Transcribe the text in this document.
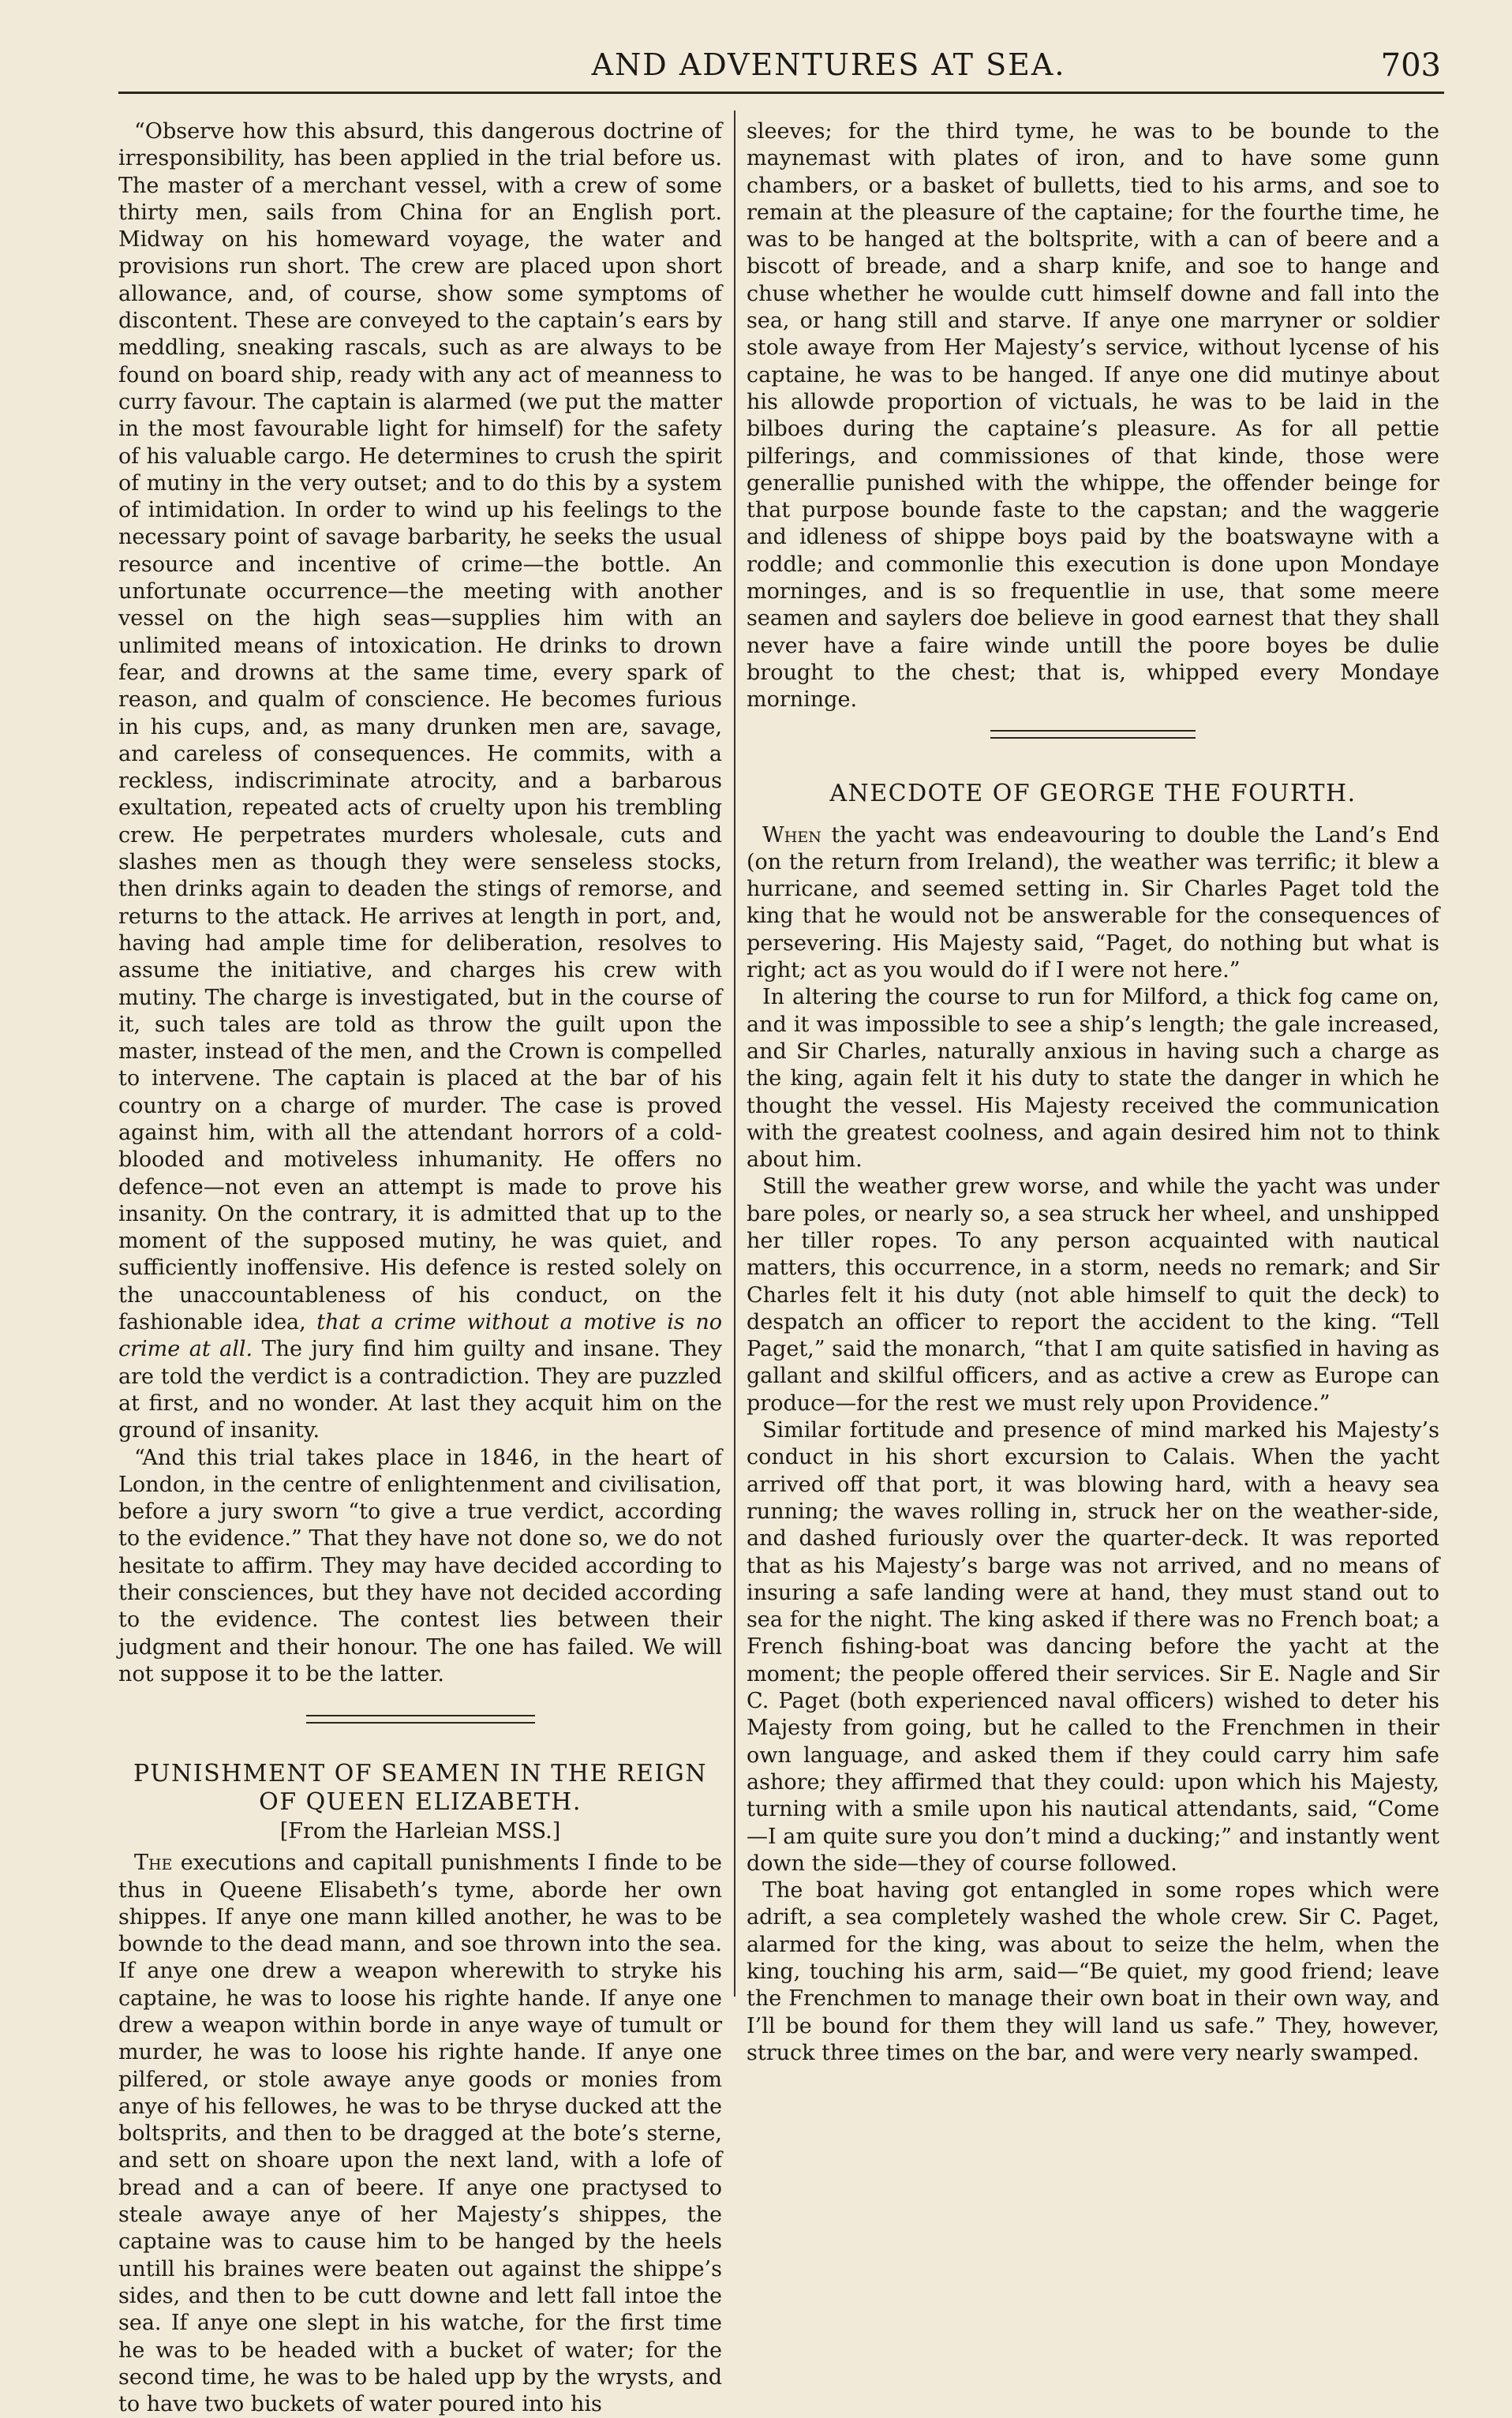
AND ADVENTURES AT SEA.	703

“Observe how this absurd, this dangerous doctrine of irresponsibility, has been applied in the trial before us. The master of a merchant vessel, with a crew of some thirty men, sails from China for an English port. Midway on his homeward voyage, the water and provisions run short. The crew are placed upon short allowance, and, of course, show some symptoms of discontent. These are conveyed to the captain’s ears by meddling, sneaking rascals, such as are always to be found on board ship, ready with any act of meanness to curry favour. The captain is alarmed (we put the matter in the most favourable light for himself) for the safety of his valuable cargo. He determines to crush the spirit of mutiny in the very outset; and to do this by a system of intimidation. In order to wind up his feelings to the necessary point of savage barbarity, he seeks the usual resource and incentive of crime—the bottle. An unfortunate occurrence—the meeting with another vessel on the high seas—supplies him with an unlimited means of intoxication. He drinks to drown fear, and drowns at the same time, every spark of reason, and qualm of conscience. He becomes furious in his cups, and, as many drunken men are, savage, and careless of consequences. He commits, with a reckless, indiscriminate atrocity, and a barbarous exultation, repeated acts of cruelty upon his trembling crew. He perpetrates murders wholesale, cuts and slashes men as though they were senseless stocks, then drinks again to deaden the stings of remorse, and returns to the attack. He arrives at length in port, and, having had ample time for deliberation, resolves to assume the initiative, and charges his crew with mutiny. The charge is investigated, but in the course of it, such tales are told as throw the guilt upon the master, instead of the men, and the Crown is compelled to intervene. The captain is placed at the bar of his country on a charge of murder. The case is proved against him, with all the attendant horrors of a cold-blooded and motiveless inhumanity. He offers no defence—not even an attempt is made to prove his insanity. On the contrary, it is admitted that up to the moment of the supposed mutiny, he was quiet, and sufficiently inoffensive. His defence is rested solely on the unaccountableness of his conduct, on the fashionable idea, that a crime without a motive is no crime at all. The jury find him guilty and insane. They are told the verdict is a contradiction. They are puzzled at first, and no wonder. At last they acquit him on the ground of insanity.

“And this trial takes place in 1846, in the heart of London, in the centre of enlightenment and civilisation, before a jury sworn “to give a true verdict, according to the evidence.” That they have not done so, we do not hesitate to affirm. They may have decided according to their consciences, but they have not decided according to the evidence. The contest lies between their judgment and their honour. The one has failed. We will not suppose it to be the latter.

PUNISHMENT OF SEAMEN IN THE REIGN OF QUEEN ELIZABETH.
[From the Harleian MSS.]

The executions and capitall punishments I finde to be thus in Queene Elisabeth’s tyme, aborde her own shippes. If anye one mann killed another, he was to be bownde to the dead mann, and soe thrown into the sea. If anye one drew a weapon wherewith to stryke his captaine, he was to loose his righte hande. If anye one drew a weapon within borde in anye waye of tumult or murder, he was to loose his righte hande. If anye one pilfered, or stole awaye anye goods or monies from anye of his fellowes, he was to be thryse ducked att the boltsprits, and then to be dragged at the bote’s sterne, and sett on shoare upon the next land, with a lofe of bread and a can of beere. If anye one practysed to steale awaye anye of her Majesty’s shippes, the captaine was to cause him to be hanged by the heels untill his braines were beaten out against the shippe’s sides, and then to be cutt downe and lett fall intoe the sea. If anye one slept in his watche, for the first time he was to be headed with a bucket of water; for the second time, he was to be haled upp by the wrysts, and to have two buckets of water poured into his

sleeves; for the third tyme, he was to be bounde to the maynemast with plates of iron, and to have some gunn chambers, or a basket of bulletts, tied to his arms, and soe to remain at the pleasure of the captaine; for the fourthe time, he was to be hanged at the boltsprite, with a can of beere and a biscott of breade, and a sharp knife, and soe to hange and chuse whether he woulde cutt himself downe and fall into the sea, or hang still and starve. If anye one marryner or soldier stole awaye from Her Majesty’s service, without lycense of his captaine, he was to be hanged. If anye one did mutinye about his allowde proportion of victuals, he was to be laid in the bilboes during the captaine’s pleasure. As for all pettie pilferings, and commissiones of that kinde, those were generallie punished with the whippe, the offender beinge for that purpose bounde faste to the capstan; and the waggerie and idleness of shippe boys paid by the boatswayne with a roddle; and commonlie this execution is done upon Mondaye morninges, and is so frequentlie in use, that some meere seamen and saylers doe believe in good earnest that they shall never have a faire winde untill the poore boyes be dulie brought to the chest; that is, whipped every Mondaye morninge.

ANECDOTE OF GEORGE THE FOURTH.

When the yacht was endeavouring to double the Land’s End (on the return from Ireland), the weather was terrific; it blew a hurricane, and seemed setting in. Sir Charles Paget told the king that he would not be answerable for the consequences of persevering. His Majesty said, “Paget, do nothing but what is right; act as you would do if I were not here.”

In altering the course to run for Milford, a thick fog came on, and it was impossible to see a ship’s length; the gale increased, and Sir Charles, naturally anxious in having such a charge as the king, again felt it his duty to state the danger in which he thought the vessel. His Majesty received the communication with the greatest coolness, and again desired him not to think about him.

Still the weather grew worse, and while the yacht was under bare poles, or nearly so, a sea struck her wheel, and unshipped her tiller ropes. To any person acquainted with nautical matters, this occurrence, in a storm, needs no remark; and Sir Charles felt it his duty (not able himself to quit the deck) to despatch an officer to report the accident to the king. “Tell Paget,” said the monarch, “that I am quite satisfied in having as gallant and skilful officers, and as active a crew as Europe can produce—for the rest we must rely upon Providence.”

Similar fortitude and presence of mind marked his Majesty’s conduct in his short excursion to Calais. When the yacht arrived off that port, it was blowing hard, with a heavy sea running; the waves rolling in, struck her on the weather-side, and dashed furiously over the quarter-deck. It was reported that as his Majesty’s barge was not arrived, and no means of insuring a safe landing were at hand, they must stand out to sea for the night. The king asked if there was no French boat; a French fishing-boat was dancing before the yacht at the moment; the people offered their services. Sir E. Nagle and Sir C. Paget (both experienced naval officers) wished to deter his Majesty from going, but he called to the Frenchmen in their own language, and asked them if they could carry him safe ashore; they affirmed that they could: upon which his Majesty, turning with a smile upon his nautical attendants, said, “Come—I am quite sure you don’t mind a ducking;” and instantly went down the side—they of course followed.

The boat having got entangled in some ropes which were adrift, a sea completely washed the whole crew. Sir C. Paget, alarmed for the king, was about to seize the helm, when the king, touching his arm, said—“Be quiet, my good friend; leave the Frenchmen to manage their own boat in their own way, and I’ll be bound for them they will land us safe.” They, however, struck three times on the bar, and were very nearly swamped.
